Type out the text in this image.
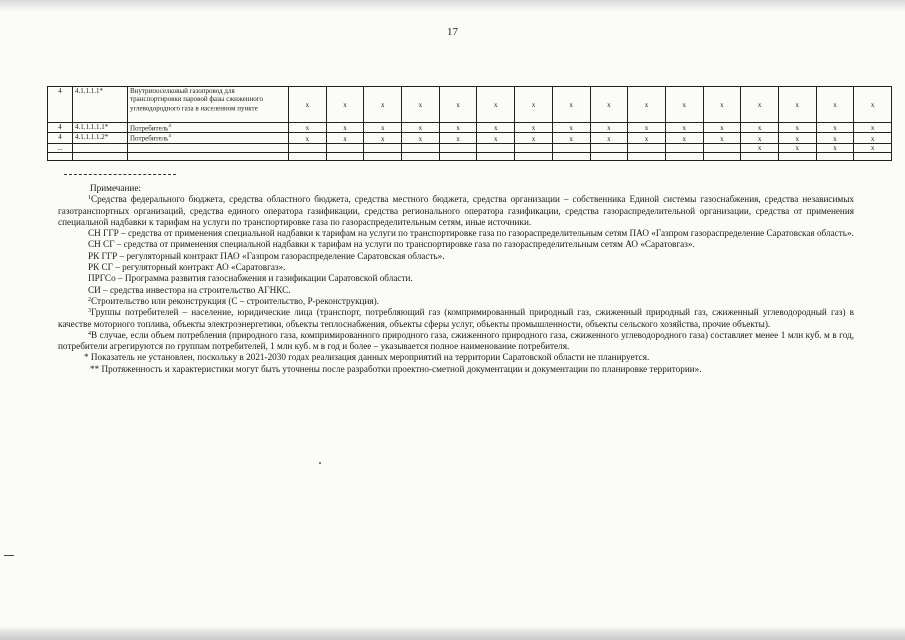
17
4	4.1.1.1.1*	Внутрипоселковый газопровод для транспортировки паровой фазы сжиженного углеводородного газа в населенном пункте	x	x	x	x	x	x	x	x	x	x	x	x	x	x	x	x
4	4.1.1.1.1.1*	Потребитель$^4$	x	x	x	x	x	x	x	x	x	x	x	x	x	x	x	x
4	4.1.1.1.1.2*	Потребитель$^4$	x	x	x	x	x	x	x	x	x	x	x	x	x	x	x	x
...															x	x	x	x

Примечание:

$^1$Средства федерального бюджета, средства областного бюджета, средства местного бюджета, средства организации – собственника Единой системы газоснабжения, средства независимых газотранспортных организаций, средства единого оператора газификации, средства регионального оператора газификации, средства газораспределительной организации, средства от применения специальной надбавки к тарифам на услуги по транспортировке газа по газораспределительным сетям, иные источники.

СН ГГР – средства от применения специальной надбавки к тарифам на услуги по транспортировке газа по газораспределительным сетям ПАО «Газпром газораспределение Саратовская область».

СН СГ – средства от применения специальной надбавки к тарифам на услуги по транспортировке газа по газораспределительным сетям АО «Саратовгаз».

РК ГГР – регуляторный контракт ПАО «Газпром газораспределение Саратовская область».

РК СГ – регуляторный контракт АО «Саратовгаз».

ПРГСо – Программа развития газоснабжения и газификации Саратовской области.

СИ – средства инвестора на строительство АГНКС.

$^2$Строительство или реконструкция (С – строительство, Р-реконструкция).

$^3$Группы потребителей – население, юридические лица (транспорт, потребляющий газ (компримированный природный газ, сжиженный природный газ, сжиженный углеводородный газ) в качестве моторного топлива, объекты электроэнергетики, объекты теплоснабжения, объекты сферы услуг, объекты промышленности, объекты сельского хозяйства, прочие объекты).

$^4$В случае, если объем потребления (природного газа, компримированного природного газа, сжиженного природного газа, сжиженного углеводородного газа) составляет менее 1 млн куб. м в год, потребители агрегируются по группам потребителей, 1 млн куб. м в год и более – указывается полное наименование потребителя.

* Показатель не установлен, поскольку в 2021-2030 годах реализация данных мероприятий на территории Саратовской области не планируется.

** Протяженность и характеристики могут быть уточнены после разработки проектно-сметной документации и документации по планировке территории».
